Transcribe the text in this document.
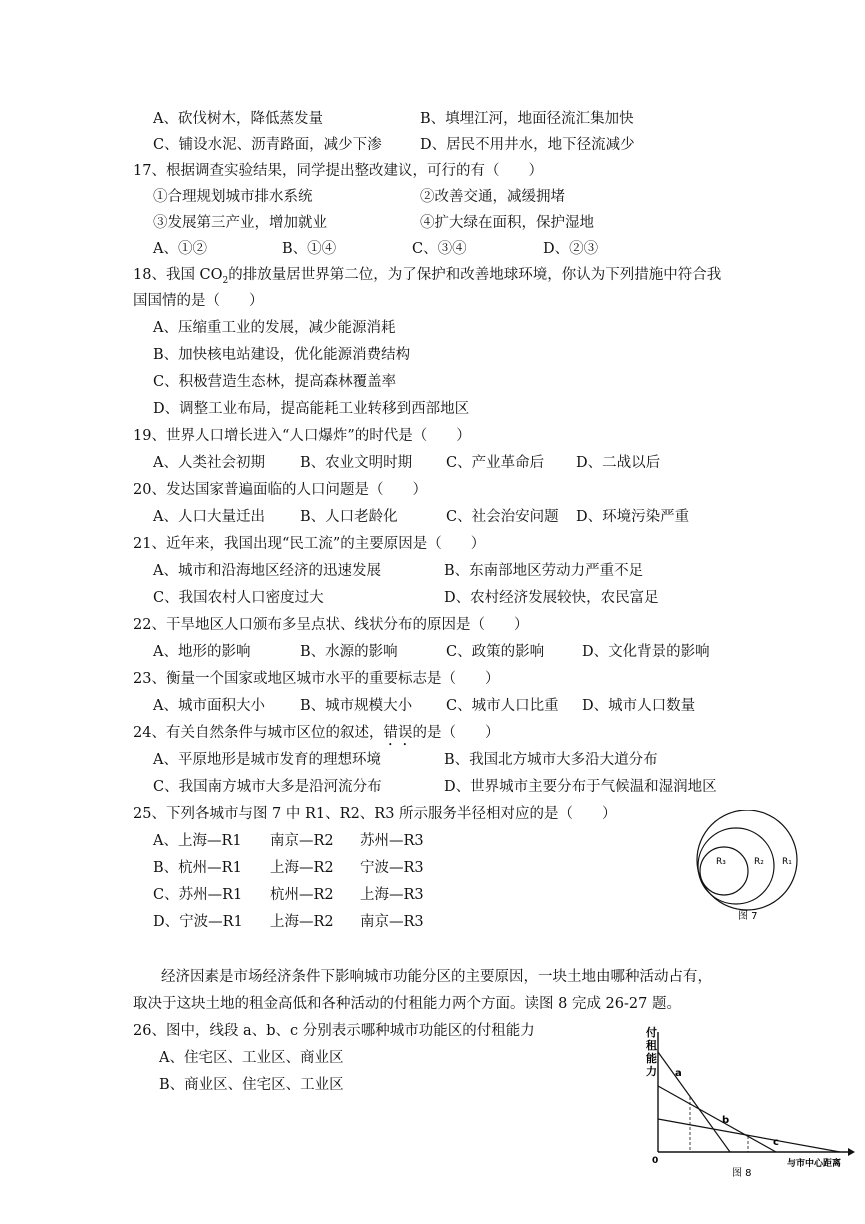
A、砍伐树木，降低蒸发量	B、填埋江河，地面径流汇集加快
C、铺设水泥、沥青路面，减少下渗	D、居民不用井水，地下径流减少
17、根据调查实验结果，同学提出整改建议，可行的有（　　）
①合理规划城市排水系统	②改善交通，减缓拥堵
③发展第三产业，增加就业	④扩大绿在面积，保护湿地
A、①②	B、①④	C、③④	D、②③
18、我国 $CO_2$的排放量居世界第二位，为了保护和改善地球环境，你认为下列措施中符合我
国国情的是（　　）
A、压缩重工业的发展，减少能源消耗
B、加快核电站建设，优化能源消费结构
C、积极营造生态林，提高森林覆盖率
D、调整工业布局，提高能耗工业转移到西部地区
19、世界人口增长进入“人口爆炸”的时代是（　　）
A、人类社会初期 B、农业文明时期 C、产业革命后 D、二战以后
20、发达国家普遍面临的人口问题是（　　）
A、人口大量迁出 B、人口老龄化	C、社会治安问题 D、环境污染严重
21、近年来，我国出现“民工流”的主要原因是（　　）
A、城市和沿海地区经济的迅速发展	B、东南部地区劳动力严重不足
C、我国农村人口密度过大	D、农村经济发展较快，农民富足
22、干旱地区人口颁布多呈点状、线状分布的原因是（　　）
A、地形的影响	B、水源的影响	C、政策的影响	D、文化背景的影响
23、衡量一个国家或地区城市水平的重要标志是（　　）
A、城市面积大小 B、城市规模大小 C、城市人口比重 D、城市人口数量
24、有关自然条件与城市区位的叙述，错误的是（　　）
A、平原地形是城市发育的理想环境	B、我国北方城市大多沿大道分布
C、我国南方城市大多是沿河流分布	D、世界城市主要分布于气候温和湿润地区
25、下列各城市与图 7 中 R1、R2、R3 所示服务半径相对应的是（　　）
A、上海—R1 南京—R2 苏州—R3
B、杭州—R1 上海—R2 宁波—R3
C、苏州—R1 杭州—R2 上海—R3
D、宁波—R1 上海—R2 南京—R3
R₃	R₂ R₁
图 7
经济因素是市场经济条件下影响城市功能分区的主要原因，一块土地由哪种活动占有，
取决于这块土地的租金高低和各种活动的付租能力两个方面。读图 8 完成 26-27 题。
26、图中，线段 a、b、c 分别表示哪种城市功能区的付租能力
A、住宅区、工业区、商业区
B、商业区、住宅区、工业区
付
租
能
力 a
b
c
0	与市中心距离
图 8
